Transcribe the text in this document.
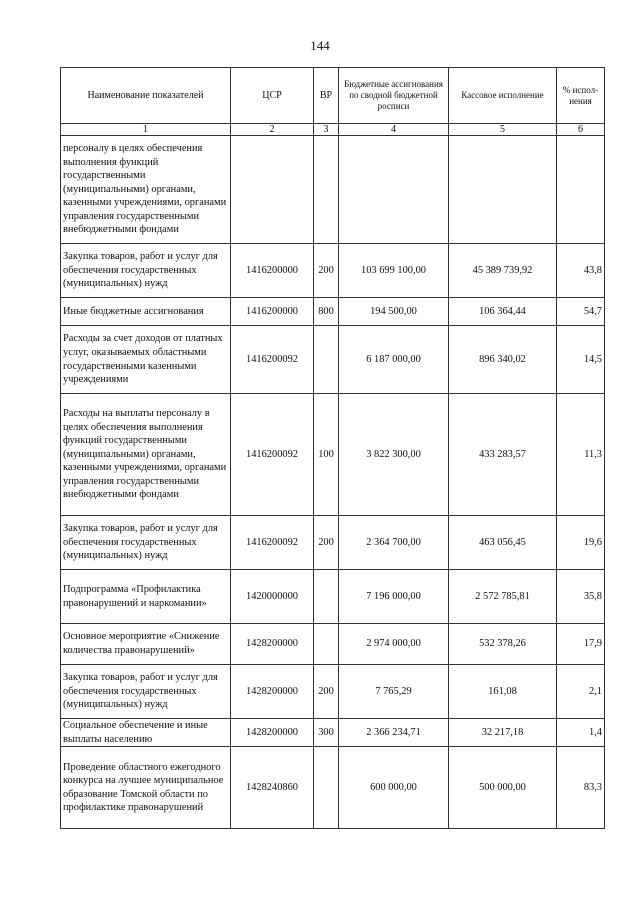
144
Наименование показателей	ЦСР	ВР	Бюджетные ассигнования по сводной бюджетной росписи	Кассовое исполнение	% испол-нения
1	2	3	4	5	6
персоналу в целях обеспечения выполнения функций государственными (муниципальными) органами, казенными учреждениями, органами управления государственными внебюджетными фондами					
Закупка товаров, работ и услуг для обеспечения государственных (муниципальных) нужд	1416200000	200	103 699 100,00	45 389 739,92	43,8
Иные бюджетные ассигнования	1416200000	800	194 500,00	106 364,44	54,7
Расходы за счет доходов от платных услуг, оказываемых областными государственными казенными учреждениями	1416200092		6 187 000,00	896 340,02	14,5
Расходы на выплаты персоналу в целях обеспечения выполнения функций государственными (муниципальными) органами, казенными учреждениями, органами управления государственными внебюджетными фондами	1416200092	100	3 822 300,00	433 283,57	11,3
Закупка товаров, работ и услуг для обеспечения государственных (муниципальных) нужд	1416200092	200	2 364 700,00	463 056,45	19,6
Подпрограмма «Профилактика правонарушений и наркомании»	1420000000		7 196 000,00	2 572 785,81	35,8
Основное мероприятие «Снижение количества правонарушений»	1428200000		2 974 000,00	532 378,26	17,9
Закупка товаров, работ и услуг для обеспечения государственных (муниципальных) нужд	1428200000	200	7 765,29	161,08	2,1
Социальное обеспечение и иные выплаты населению	1428200000	300	2 366 234,71	32 217,18	1,4
Проведение областного ежегодного конкурса на лучшее муниципальное образование Томской области по профилактике правонарушений	1428240860		600 000,00	500 000,00	83,3
